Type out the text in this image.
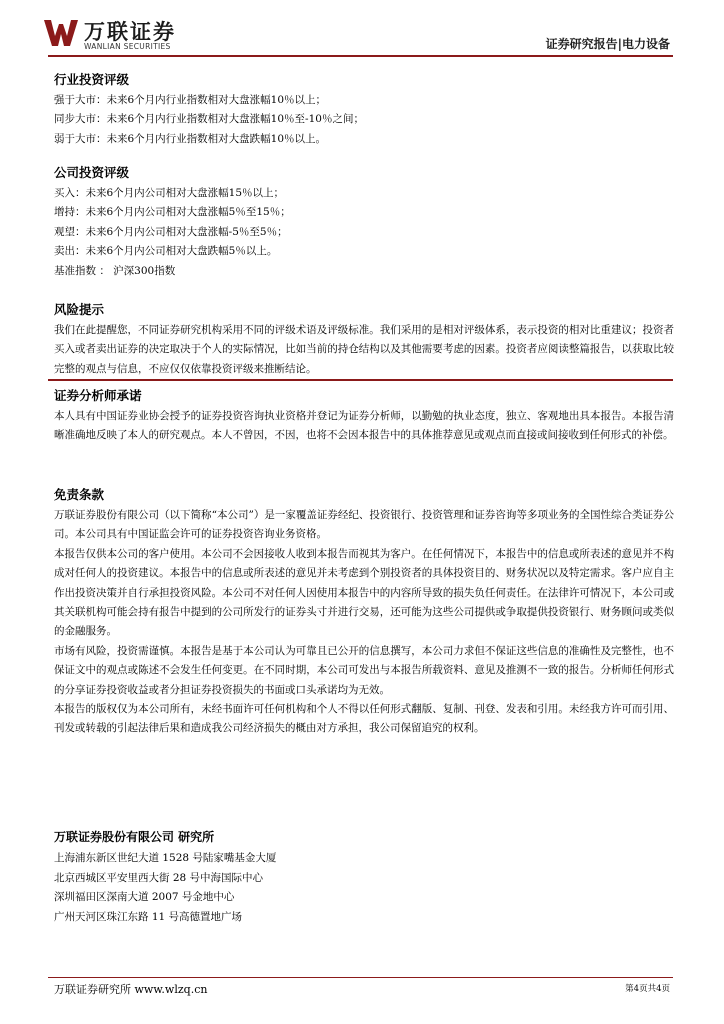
万联证券
WANLIAN SECURITIES	证券研究报告|电力设备
行业投资评级
强于大市：未来6个月内行业指数相对大盘涨幅10％以上；
同步大市：未来6个月内行业指数相对大盘涨幅10％至-10％之间；
弱于大市：未来6个月内行业指数相对大盘跌幅10％以上。
公司投资评级
买入：未来6个月内公司相对大盘涨幅15％以上；
增持：未来6个月内公司相对大盘涨幅5％至15％；
观望：未来6个月内公司相对大盘涨幅-5％至5％；
卖出：未来6个月内公司相对大盘跌幅5％以上。
基准指数 ： 沪深300指数
风险提示
我们在此提醒您，不同证券研究机构采用不同的评级术语及评级标准。我们采用的是相对评级体系，表示投资的相对比重建议；投资者买入或者卖出证券的决定取决于个人的实际情况，比如当前的持仓结构以及其他需要考虑的因素。投资者应阅读整篇报告，以获取比较完整的观点与信息，不应仅仅依靠投资评级来推断结论。
证券分析师承诺
本人具有中国证券业协会授予的证券投资咨询执业资格并登记为证券分析师，以勤勉的执业态度，独立、客观地出具本报告。本报告清晰准确地反映了本人的研究观点。本人不曾因，不因，也将不会因本报告中的具体推荐意见或观点而直接或间接收到任何形式的补偿。
免责条款
万联证券股份有限公司（以下简称“本公司”）是一家覆盖证券经纪、投资银行、投资管理和证券咨询等多项业务的全国性综合类证券公司。本公司具有中国证监会许可的证券投资咨询业务资格。
本报告仅供本公司的客户使用。本公司不会因接收人收到本报告而视其为客户。在任何情况下，本报告中的信息或所表述的意见并不构成对任何人的投资建议。本报告中的信息或所表述的意见并未考虑到个别投资者的具体投资目的、财务状况以及特定需求。客户应自主作出投资决策并自行承担投资风险。本公司不对任何人因使用本报告中的内容所导致的损失负任何责任。在法律许可情况下，本公司或其关联机构可能会持有报告中提到的公司所发行的证券头寸并进行交易，还可能为这些公司提供或争取提供投资银行、财务顾问或类似的金融服务。
市场有风险，投资需谨慎。本报告是基于本公司认为可靠且已公开的信息撰写，本公司力求但不保证这些信息的准确性及完整性，也不保证文中的观点或陈述不会发生任何变更。在不同时期，本公司可发出与本报告所载资料、意见及推测不一致的报告。分析师任何形式的分享证券投资收益或者分担证券投资损失的书面或口头承诺均为无效。
本报告的版权仅为本公司所有，未经书面许可任何机构和个人不得以任何形式翻版、复制、刊登、发表和引用。未经我方许可而引用、刊发或转载的引起法律后果和造成我公司经济损失的概由对方承担，我公司保留追究的权利。
万联证券股份有限公司 研究所
上海浦东新区世纪大道 1528 号陆家嘴基金大厦
北京西城区平安里西大街 28 号中海国际中心
深圳福田区深南大道 2007 号金地中心
广州天河区珠江东路 11 号高德置地广场
万联证券研究所 www.wlzq.cn	第4页共4页
